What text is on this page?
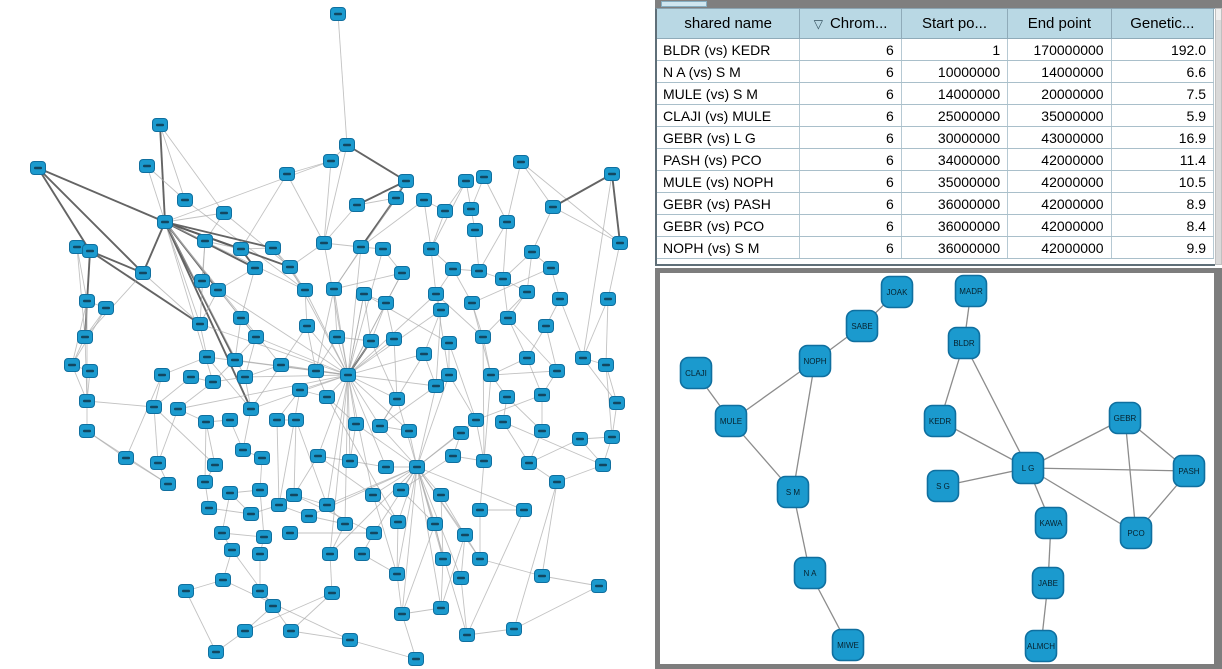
shared name	▽ Chrom...	Start po...	End point	Genetic...
BLDR (vs) KEDR	6	1	170000000	192.0
N A (vs) S M	6	10000000	14000000	6.6
MULE (vs) S M	6	14000000	20000000	7.5
CLAJI (vs) MULE	6	25000000	35000000	5.9
GEBR (vs) L G	6	30000000	43000000	16.9
PASH (vs) PCO	6	34000000	42000000	11.4
MULE (vs) NOPH	6	35000000	42000000	10.5
GEBR (vs) PASH	6	36000000	42000000	8.9
GEBR (vs) PCO	6	36000000	42000000	8.4
NOPH (vs) S M	6	36000000	42000000	9.9
JOAK	MADR
SABE
NOPH
CLAJI
MULE
BLDR
KEDR	GEBR
S G
L G	PASH
KAWA
PCO
S M
N A
JABE
ALMCH
MIWE
